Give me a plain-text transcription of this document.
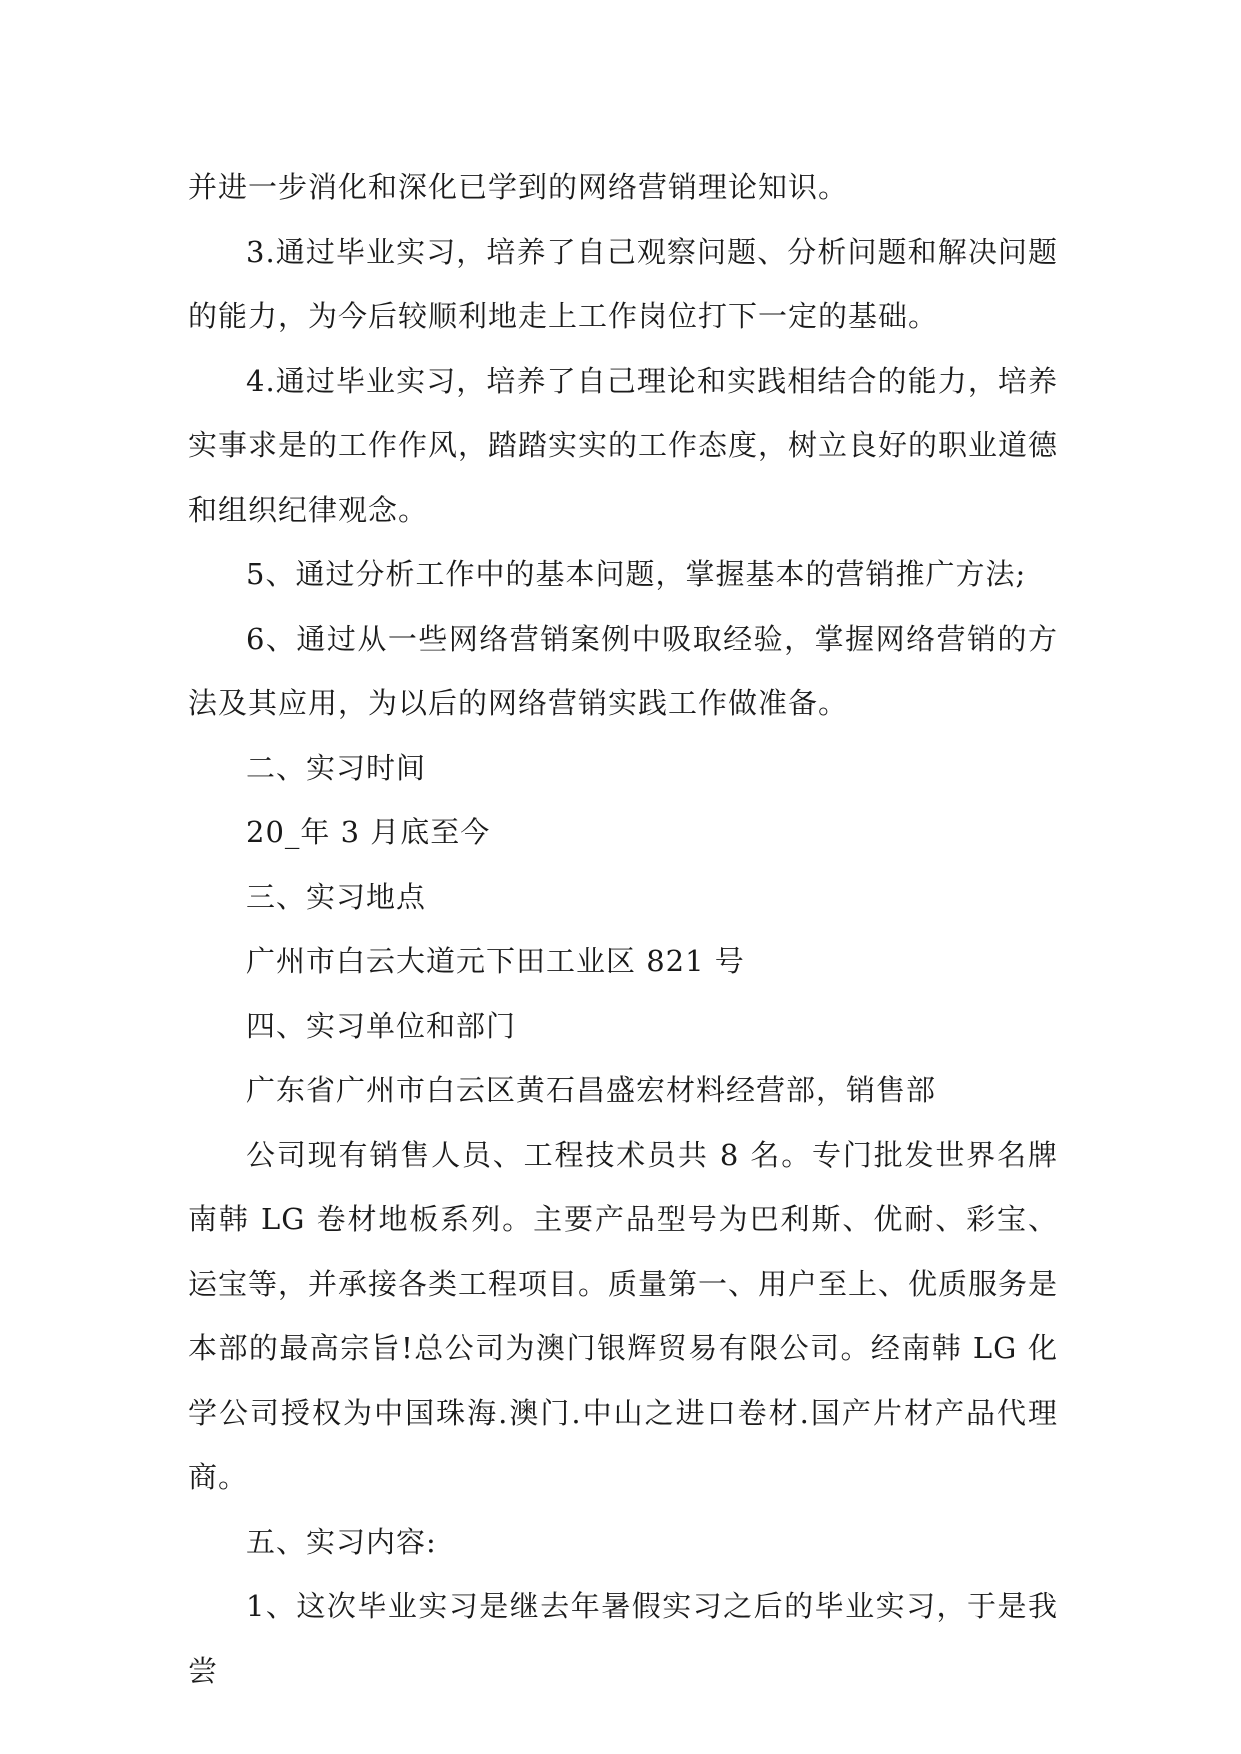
并进一步消化和深化已学到的网络营销理论知识。

3.通过毕业实习，培养了自己观察问题、分析问题和解决问题的能力，为今后较顺利地走上工作岗位打下一定的基础。

4.通过毕业实习，培养了自己理论和实践相结合的能力，培养实事求是的工作作风，踏踏实实的工作态度，树立良好的职业道德和组织纪律观念。

5、通过分析工作中的基本问题，掌握基本的营销推广方法;

6、通过从一些网络营销案例中吸取经验，掌握网络营销的方法及其应用，为以后的网络营销实践工作做准备。

二、实习时间

20_年 3 月底至今

三、实习地点

广州市白云大道元下田工业区 821 号

四、实习单位和部门

广东省广州市白云区黄石昌盛宏材料经营部，销售部

公司现有销售人员、工程技术员共 8 名。专门批发世界名牌南韩 LG 卷材地板系列。主要产品型号为巴利斯、优耐、彩宝、运宝等，并承接各类工程项目。质量第一、用户至上、优质服务是本部的最高宗旨!总公司为澳门银辉贸易有限公司。经南韩 LG 化学公司授权为中国珠海.澳门.中山之进口卷材.国产片材产品代理商。

五、实习内容:

1、这次毕业实习是继去年暑假实习之后的毕业实习，于是我尝
